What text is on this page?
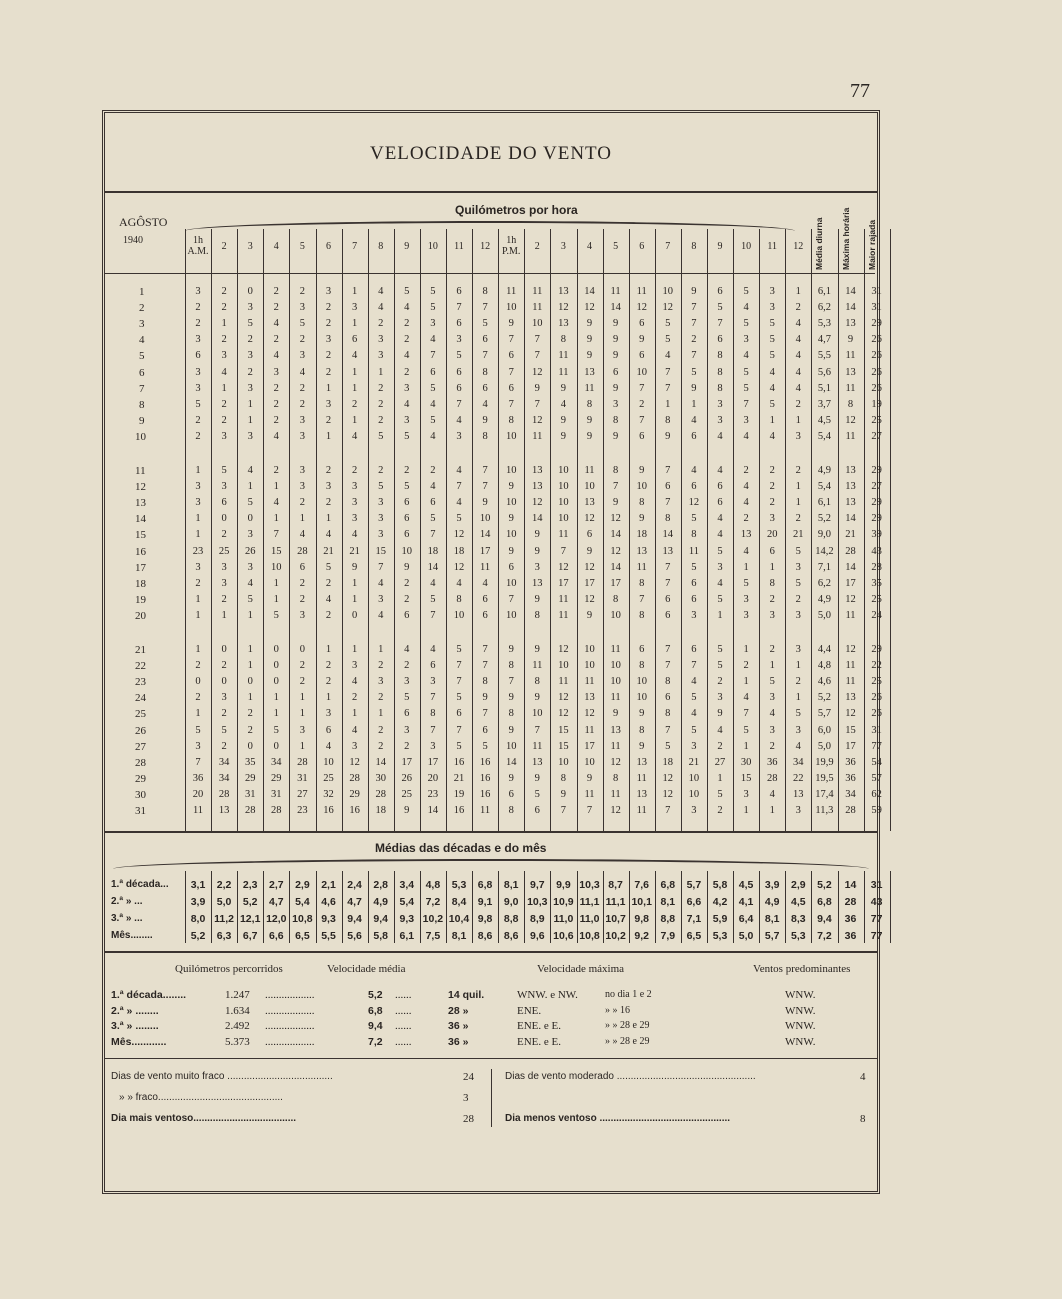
77
VELOCIDADE DO VENTO
AGÔSTO
1940
Quilómetros por hora
1h A.M.	2	3	4	5	6	7	8	9	10	11	12
1h P.M.	2	3	4	5	6	7	8	9	10	11	12	Média diurna Máxima horária Maior rajada
1	3	2	0	2	2	3	1	4	5	5	6	8	11	11	13	14	11	11	10	9	6	5	3	1	6,1	14	31
2	2	2	3	2	3	2	3	4	4	5	7	7	10	11	12	12	14	12	12	7	5	4	3	2	6,2	14	31
3	2	1	5	4	5	2	1	2	2	3	6	5	9	10	13	9	9	6	5	7	7	5	5	4	5,3	13	29
4	3	2	2	2	2	3	6	3	2	4	3	6	7	7	8	9	9	9	5	2	6	3	5	4	4,7	9	26
5	6	3	3	4	3	2	4	3	4	7	5	7	6	7	11	9	9	6	4	7	8	4	5	4	5,5	11	26
6	3	4	2	3	4	2	1	1	2	6	6	8	7	12	11	13	6	10	7	5	8	5	4	4	5,6	13	26
7	3	1	3	2	2	1	1	2	3	5	6	6	6	9	9	11	9	7	7	9	8	5	4	4	5,1	11	26
8	5	2	1	2	2	3	2	2	4	4	7	4	7	7	4	8	3	2	1	1	3	7	5	2	3,7	8	19
9	2	2	1	2	3	2	1	2	3	5	4	9	8	12	9	9	8	7	8	4	3	3	1	1	4,5	12	25
10	2	3	3	4	3	1	4	5	5	4	3	8	10	11	9	9	9	6	9	6	4	4	4	3	5,4	11	27
11	1	5	4	2	3	2	2	2	2	2	4	7	10	13	10	11	8	9	7	4	4	2	2	2	4,9	13	29
12	3	3	1	1	3	3	3	5	5	4	7	7	9	13	10	10	7	10	6	6	6	4	2	1	5,4	13	27
13	3	6	5	4	2	2	3	3	6	6	4	9	10	12	10	13	9	8	7	12	6	4	2	1	6,1	13	29
14	1	0	0	1	1	1	3	3	6	5	5	10	9	14	10	12	12	9	8	5	4	2	3	2	5,2	14	29
15	1	2	3	7	4	4	4	3	6	7	12	14	10	9	11	6	14	18	14	8	4	13	20	21	9,0	21	39
16	23	25	26	15	28	21	21	15	10	18	18	17	9	9	7	9	12	13	13	11	5	4	6	5	14,2	28	43
17	3	3	3	10	6	5	9	7	9	14	12	11	6	3	12	12	14	11	7	5	3	1	1	3	7,1	14	28
18	2	3	4	1	2	2	1	4	2	4	4	4	10	13	17	17	17	8	7	6	4	5	8	5	6,2	17	35
19	1	2	5	1	2	4	1	3	2	5	8	6	7	9	11	12	8	7	6	6	5	3	2	2	4,9	12	25
20	1	1	1	5	3	2	0	4	6	7	10	6	10	8	11	9	10	8	6	3	1	3	3	3	5,0	11	24
21	1	0	1	0	0	1	1	1	4	4	5	7	9	9	12	10	11	6	7	6	5	1	2	3	4,4	12	29
22	2	2	1	0	2	2	3	2	2	6	7	7	8	11	10	10	10	8	7	7	5	2	1	1	4,8	11	22
23	0	0	0	0	2	2	4	3	3	3	7	8	7	8	11	11	10	10	8	4	2	1	5	2	4,6	11	25
24	2	3	1	1	1	1	2	2	5	7	5	9	9	9	12	13	11	10	6	5	3	4	3	1	5,2	13	26
25	1	2	2	1	1	3	1	1	6	8	6	7	8	10	12	12	9	9	8	4	9	7	4	5	5,7	12	26
26	5	5	2	5	3	6	4	2	3	7	7	6	9	7	15	11	13	8	7	5	4	5	3	3	6,0	15	31
27	3	2	0	0	1	4	3	2	2	3	5	5	10	11	15	17	11	9	5	3	2	1	2	4	5,0	17	77
28	7	34	35	34	28	10	12	14	17	17	16	16	14	13	10	10	12	13	18	21	27	30	36	34	19,9	36	54
29	36	34	29	29	31	25	28	30	26	20	21	16	9	9	8	9	8	11	12	10	1	15	28	22	19,5	36	57
30	20	28	31	31	27	32	29	28	25	23	19	16	6	5	9	11	11	13	12	10	5	3	4	13	17,4	34	62
31	11	13	28	28	23	16	16	18	9	14	16	11	8	6	7	7	12	11	7	3	2	1	1	3	11,3	28	59
Médias das décadas e do mês
1.ª década...	3,1	2,2	2,3	2,7	2,9	2,1	2,4	2,8	3,4	4,8	5,3	6,8	8,1	9,7	9,9 10,3 8,7	7,6	6,8	5,7	5,8	4,5	3,9	2,9	5,2	14	31
2.ª » ...	3,9	5,0	5,2	4,7	5,4	4,6	4,7	4,9	5,4	7,2	8,4	9,1	9,0 10,3 10,9 11,1 11,1 10,1 8,1	6,6	4,2	4,1	4,9	4,5	6,8	28	43
3.ª » ...	8,0 11,2 12,1 12,0 10,8 9,3	9,4	9,4	9,3 10,2 10,4 9,8	8,8	8,9 11,0 11,0 10,7 9,8	8,8	7,1	5,9	6,4	8,1	8,3	9,4	36	77
Mês........	5,2	6,3	6,7	6,6	6,5	5,5	5,6	5,8	6,1	7,5	8,1	8,6	8,6	9,6 10,6 10,8 10,2 9,2	7,9	6,5	5,3	5,0	5,7	5,3	7,2	36	77
Quilómetros percorridos	Velocidade média	Velocidade máxima	Ventos predominantes
1.ª década........	1.247 ..................	5,2 ......	14 quil.	WNW. e NW.	no dia 1 e 2	WNW.
2.ª » ........	1.634 ..................	6,8 ......	28 »	ENE.	» » 16	WNW.
3.ª » ........	2.492 ..................	9,4 ......	36 »	ENE. e E.	» » 28 e 29	WNW.
Mês............	5.373 ..................	7,2 ......	36 »	ENE. e E.	» » 28 e 29	WNW.
Dias de vento muito fraco ......................................	24
» » fraco.............................................	3
Dia mais ventoso.....................................	28
Dias de vento moderado ..................................................	4
Dia menos ventoso ...............................................	8
